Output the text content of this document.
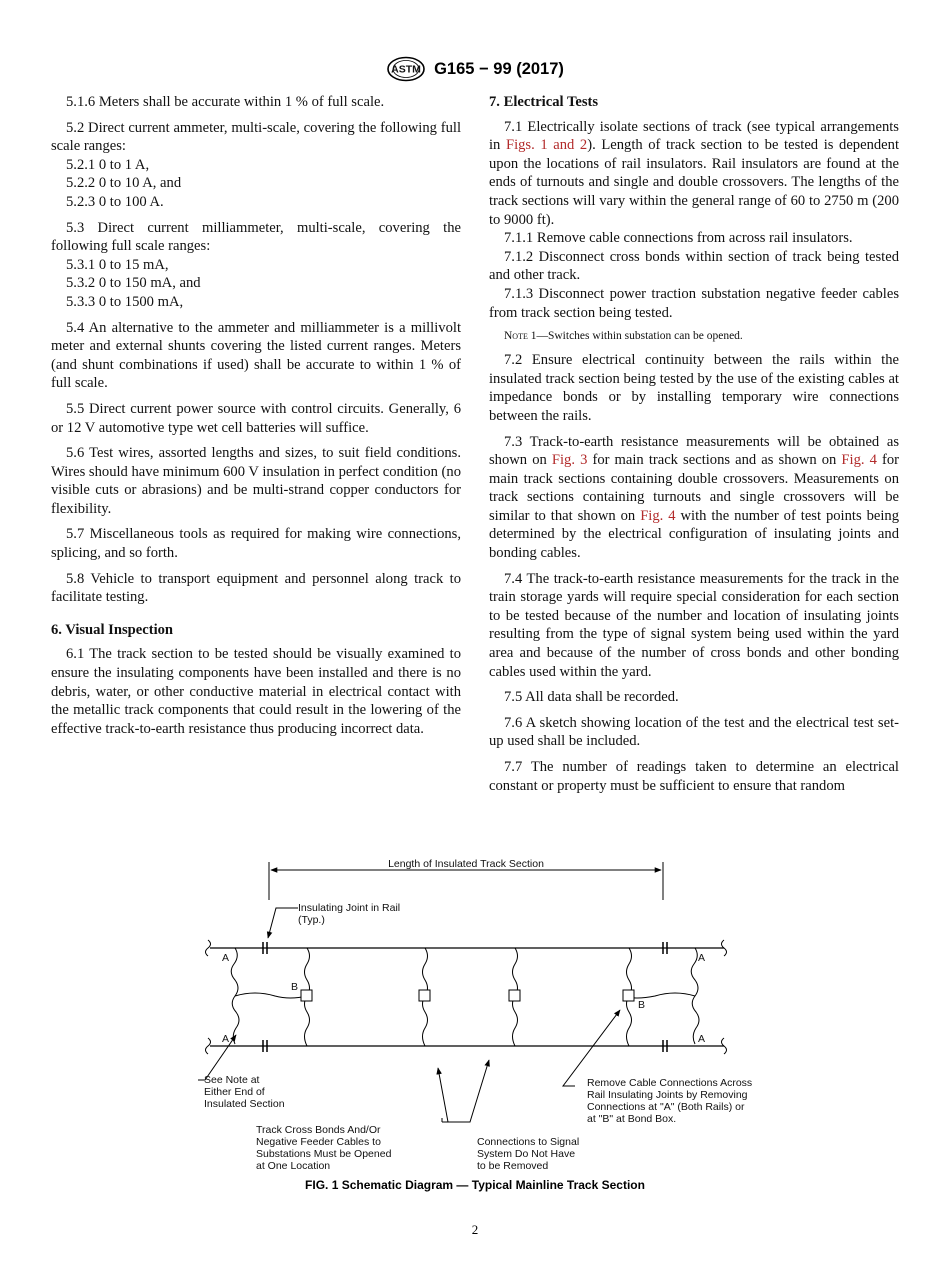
ASTM G165 − 99 (2017)

5.1.6 Meters shall be accurate within 1 % of full scale.

5.2 Direct current ammeter, multi-scale, covering the following full scale ranges:

5.2.1 0 to 1 A,

5.2.2 0 to 10 A, and

5.2.3 0 to 100 A.

5.3 Direct current milliammeter, multi-scale, covering the following full scale ranges:

5.3.1 0 to 15 mA,

5.3.2 0 to 150 mA, and

5.3.3 0 to 1500 mA,

5.4 An alternative to the ammeter and milliammeter is a millivolt meter and external shunts covering the listed current ranges. Meters (and shunt combinations if used) shall be accurate to within 1 % of full scale.

5.5 Direct current power source with control circuits. Generally, 6 or 12 V automotive type wet cell batteries will suffice.

5.6 Test wires, assorted lengths and sizes, to suit field conditions. Wires should have minimum 600 V insulation in perfect condition (no visible cuts or abrasions) and be multi-strand copper conductors for flexibility.

5.7 Miscellaneous tools as required for making wire connections, splicing, and so forth.

5.8 Vehicle to transport equipment and personnel along track to facilitate testing.

6. Visual Inspection

6.1 The track section to be tested should be visually examined to ensure the insulating components have been installed and there is no debris, water, or other conductive material in electrical contact with the metallic track components that could result in the lowering of the effective track-to-earth resistance thus producing incorrect data.

7. Electrical Tests

7.1 Electrically isolate sections of track (see typical arrangements in Figs. 1 and 2). Length of track section to be tested is dependent upon the locations of rail insulators. Rail insulators are found at the ends of turnouts and single and double crossovers. The lengths of the track sections will vary within the general range of 60 to 2750 m (200 to 9000 ft).

7.1.1 Remove cable connections from across rail insulators.

7.1.2 Disconnect cross bonds within section of track being tested and other track.

7.1.3 Disconnect power traction substation negative feeder cables from track section being tested.

Note 1—Switches within substation can be opened.

7.2 Ensure electrical continuity between the rails within the insulated track section being tested by the use of the existing cables at impedance bonds or by installing temporary wire connections between the rails.

7.3 Track-to-earth resistance measurements will be obtained as shown on Fig. 3 for main track sections and as shown on Fig. 4 for main track sections containing double crossovers. Measurements on track sections containing turnouts and single crossovers will be similar to that shown on Fig. 4 with the number of test points being determined by the electrical configuration of insulating joints and bonding cables.

7.4 The track-to-earth resistance measurements for the track in the train storage yards will require special consideration for each section to be tested because of the number and location of insulating joints resulting from the type of signal system being used within the yard area and because of the number of cross bonds and other bonding cables used within the yard.

7.5 All data shall be recorded.

7.6 A sketch showing location of the test and the electrical test set-up used shall be included.

7.7 The number of readings taken to determine an electrical constant or property must be sufficient to ensure that random

Length of Insulated Track Section
Insulating Joint in Rail
(Typ.)
A
A
A
A
B
B
See Note at
Either End of
Insulated Section
Track Cross Bonds And/Or
Negative Feeder Cables to
Substations Must be Opened
at One Location
Connections to Signal
System Do Not Have
to be Removed
Remove Cable Connections Across
Rail Insulating Joints by Removing
Connections at "A" (Both Rails) or
at "B" at Bond Box.
FIG. 1 Schematic Diagram — Typical Mainline Track Section
2
